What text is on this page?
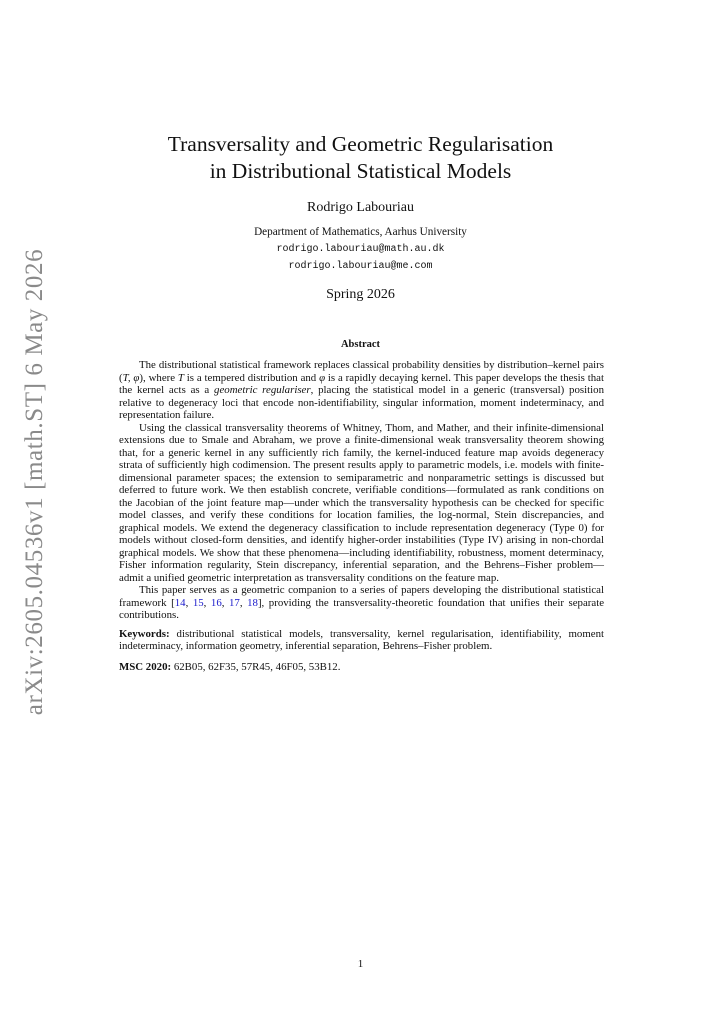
arXiv:2605.04536v1 [math.ST] 6 May 2026
Transversality and Geometric Regularisation
in Distributional Statistical Models
Rodrigo Labouriau
Department of Mathematics, Aarhus University
rodrigo.labouriau@math.au.dk
rodrigo.labouriau@me.com
Spring 2026
Abstract

The distributional statistical framework replaces classical probability densities by distribution–kernel pairs (T, φ), where T is a tempered distribution and φ is a rapidly decaying kernel. This paper develops the thesis that the kernel acts as a geometric regulariser, placing the statistical model in a generic (transversal) position relative to degeneracy loci that encode non-identifiability, singular information, moment indeterminacy, and representation failure.

Using the classical transversality theorems of Whitney, Thom, and Mather, and their infinite-dimensional extensions due to Smale and Abraham, we prove a finite-dimensional weak transversality theorem showing that, for a generic kernel in any sufficiently rich family, the kernel-induced feature map avoids degeneracy strata of sufficiently high codimension. The present results apply to parametric models, i.e. models with finite-dimensional parameter spaces; the extension to semiparametric and nonparametric settings is discussed but deferred to future work. We then establish concrete, verifiable conditions—formulated as rank conditions on the Jacobian of the joint feature map—under which the transversality hypothesis can be checked for specific model classes, and verify these conditions for location families, the log-normal, Stein discrepancies, and graphical models. We extend the degeneracy classification to include representation degeneracy (Type 0) for models without closed-form densities, and identify higher-order instabilities (Type IV) arising in non-chordal graphical models. We show that these phenomena—including identifiability, robustness, moment determinacy, Fisher information regularity, Stein discrepancy, inferential separation, and the Behrens–Fisher problem—admit a unified geometric interpretation as transversality conditions on the feature map.

This paper serves as a geometric companion to a series of papers developing the distributional statistical framework [14, 15, 16, 17, 18], providing the transversality-theoretic foundation that unifies their separate contributions.

Keywords: distributional statistical models, transversality, kernel regularisation, identifiability, moment indeterminacy, information geometry, inferential separation, Behrens–Fisher problem.

MSC 2020: 62B05, 62F35, 57R45, 46F05, 53B12.

1
